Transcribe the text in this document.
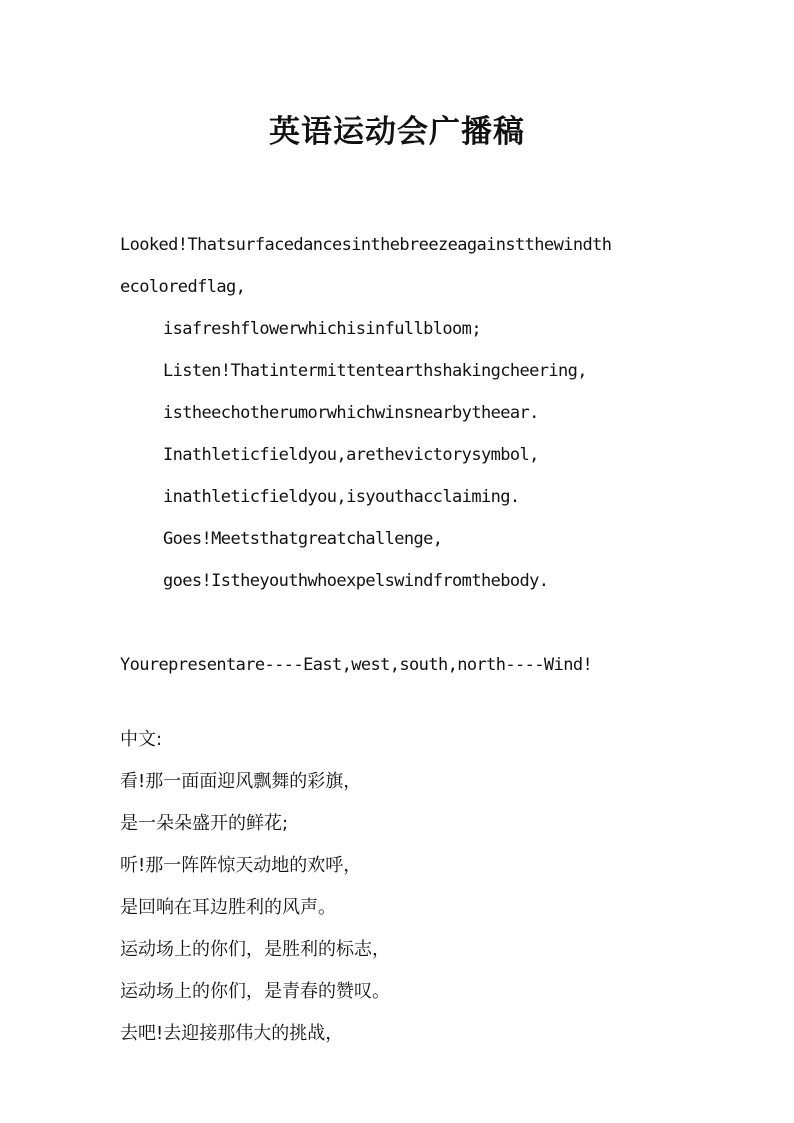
英语运动会广播稿
Looked!Thatsurfacedancesinthebreezeagainstthewindth
ecoloredflag,
isafreshflowerwhichisinfullbloom;
Listen!Thatintermittentearthshakingcheering,
istheechotherumorwhichwinsnearbytheear.
Inathleticfieldyou,arethevictorysymbol,
inathleticfieldyou,isyouthacclaiming.
Goes!Meetsthatgreatchallenge,
goes!Istheyouthwhoexpelswindfromthebody.
Yourepresentare----East,west,south,north----Wind!
中文:
看!那一面面迎风飘舞的彩旗，
是一朵朵盛开的鲜花;
听!那一阵阵惊天动地的欢呼，
是回响在耳边胜利的风声。
运动场上的你们，是胜利的标志，
运动场上的你们，是青春的赞叹。
去吧!去迎接那伟大的挑战，
